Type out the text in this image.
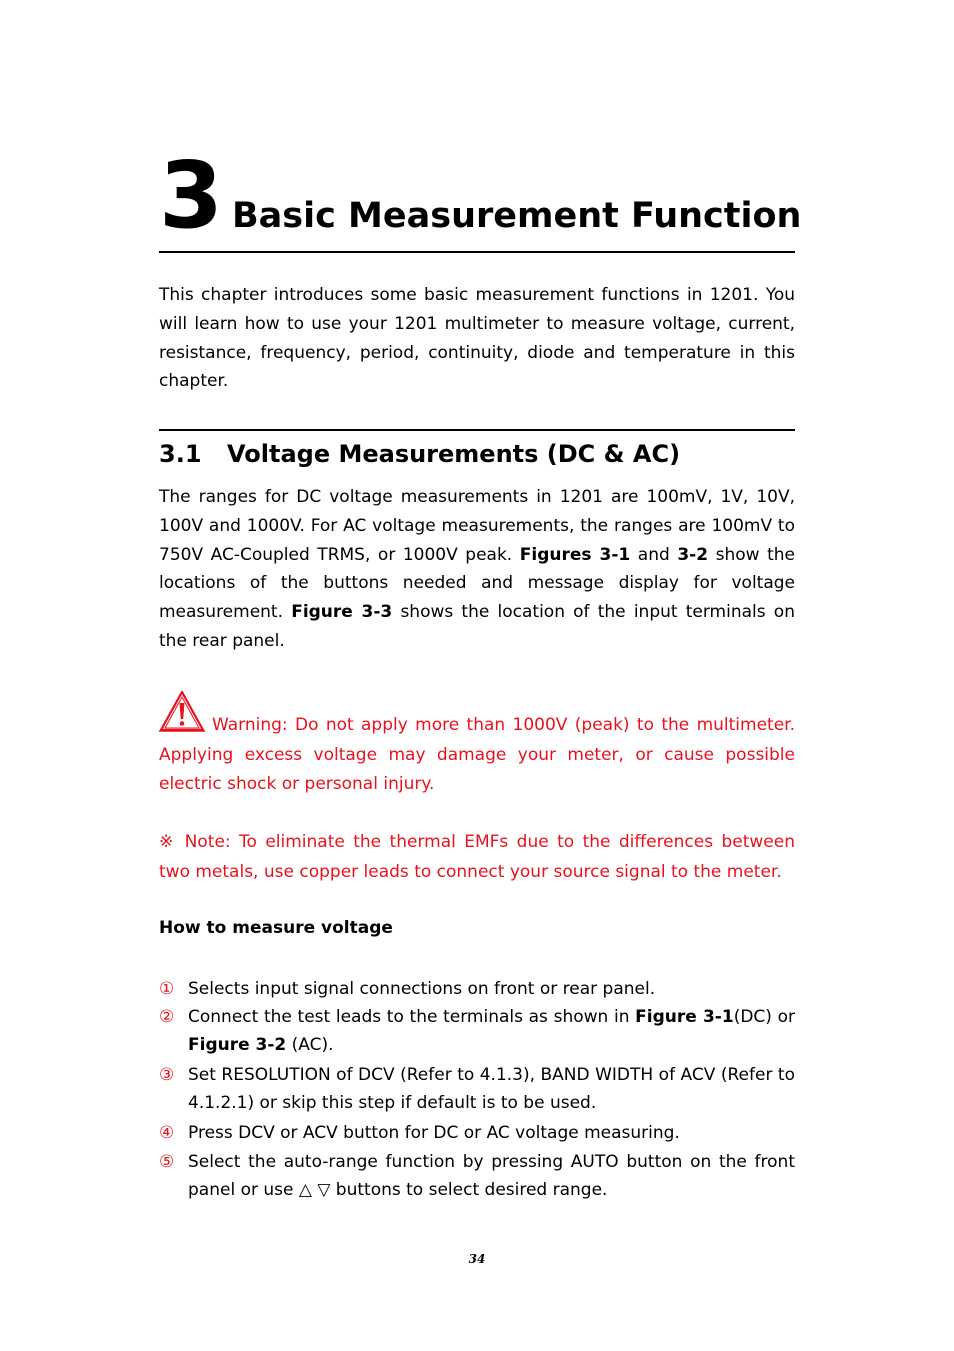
3 Basic Measurement Function

This chapter introduces some basic measurement functions in 1201. You will learn how to use your 1201 multimeter to measure voltage, current, resistance, frequency, period, continuity, diode and temperature in this chapter.

3.1 Voltage Measurements (DC & AC)

The ranges for DC voltage measurements in 1201 are 100mV, 1V, 10V, 100V and 1000V. For AC voltage measurements, the ranges are 100mV to 750V AC-Coupled TRMS, or 1000V peak. Figures 3-1 and 3-2 show the locations of the buttons needed and message display for voltage measurement. Figure 3-3 shows the location of the input terminals on the rear panel.

Warning: Do not apply more than 1000V (peak) to the multimeter. Applying excess voltage may damage your meter, or cause possible electric shock or personal injury.

※ Note: To eliminate the thermal EMFs due to the differences between two metals, use copper leads to connect your source signal to the meter.

How to measure voltage
① Selects input signal connections on front or rear panel.
② Connect the test leads to the terminals as shown in Figure 3-1(DC) or Figure 3-2 (AC).
③ Set RESOLUTION of DCV (Refer to 4.1.3), BAND WIDTH of ACV (Refer to 4.1.2.1) or skip this step if default is to be used.
④ Press DCV or ACV button for DC or AC voltage measuring.
⑤ Select the auto-range function by pressing AUTO button on the front panel or use △ ▽ buttons to select desired range.
34
